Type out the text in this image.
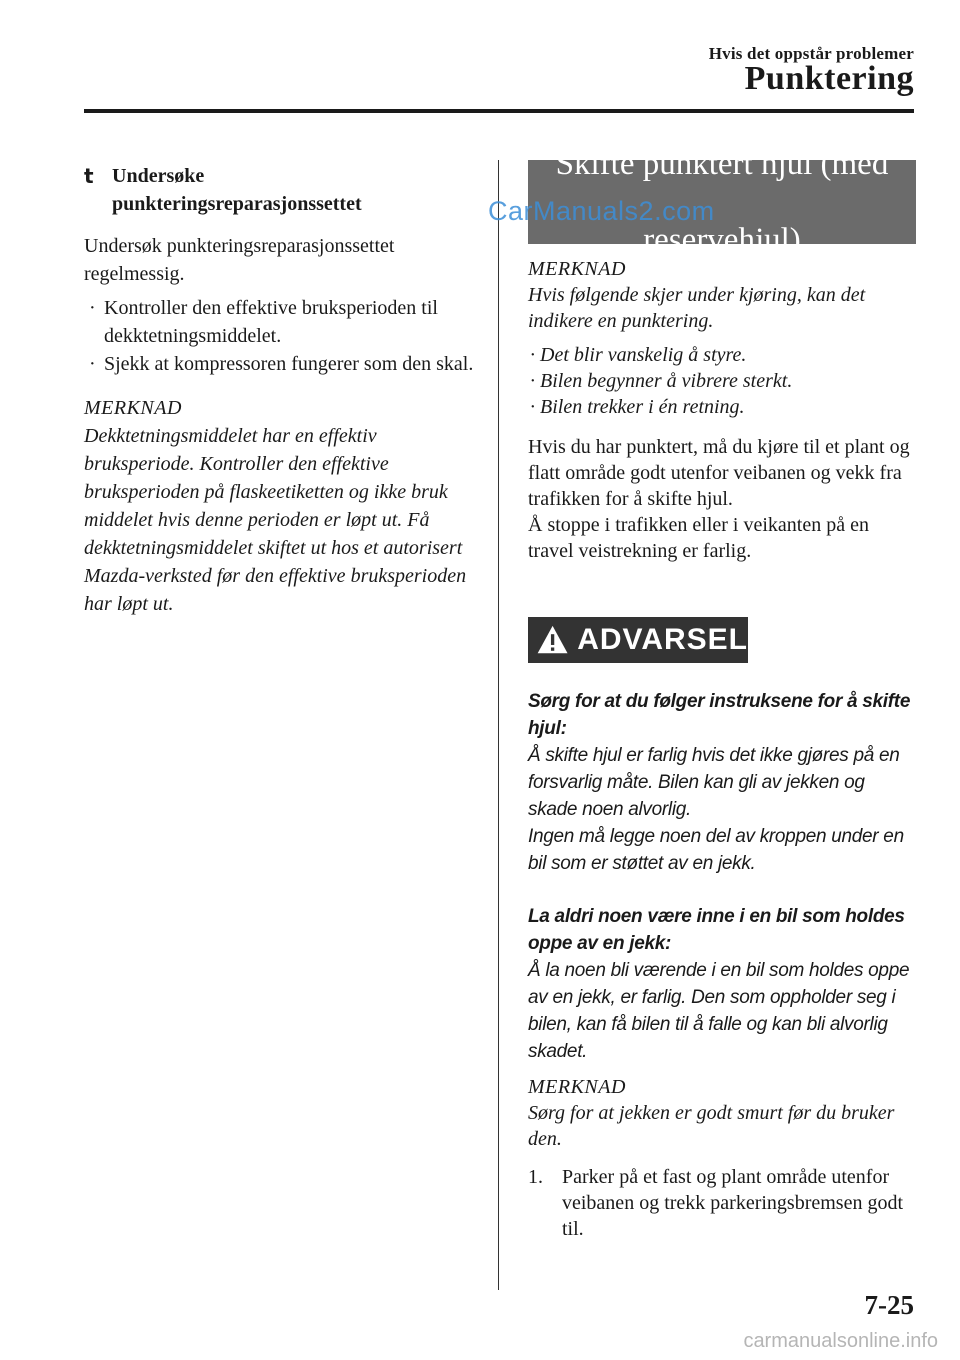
Hvis det oppstår problemer
Punktering
t Undersøke
punkteringsreparasjonssettet

Undersøk punkteringsreparasjonssettet regelmessig.

· Kontroller den effektive bruksperioden til dekktetningsmiddelet.
· Sjekk at kompressoren fungerer som den skal.

MERKNAD

Dekktetningsmiddelet har en effektiv bruksperiode. Kontroller den effektive bruksperioden på flaskeetiketten og ikke bruk middelet hvis denne perioden er løpt ut. Få dekktetningsmiddelet skiftet ut hos et autorisert Mazda-verksted før den effektive bruksperioden har løpt ut.

Skifte punktert hjul (med

reservehjul)
CarManuals2.com

MERKNAD

Hvis følgende skjer under kjøring, kan det indikere en punktering.

· Det blir vanskelig å styre.
· Bilen begynner å vibrere sterkt.
· Bilen trekker i én retning.

Hvis du har punktert, må du kjøre til et plant og flatt område godt utenfor veibanen og vekk fra trafikken for å skifte hjul.

Å stoppe i trafikken eller i veikanten på en travel veistrekning er farlig.

ADVARSEL

Sørg for at du følger instruksene for å skifte hjul:

Å skifte hjul er farlig hvis det ikke gjøres på en forsvarlig måte. Bilen kan gli av jekken og skade noen alvorlig.

Ingen må legge noen del av kroppen under en bil som er støttet av en jekk.

La aldri noen være inne i en bil som holdes oppe av en jekk:

Å la noen bli værende i en bil som holdes oppe av en jekk, er farlig. Den som oppholder seg i bilen, kan få bilen til å falle og kan bli alvorlig skadet.

MERKNAD

Sørg for at jekken er godt smurt før du bruker den.

1. Parker på et fast og plant område utenfor veibanen og trekk parkeringsbremsen godt til.
7-25
carmanualsonline.info
